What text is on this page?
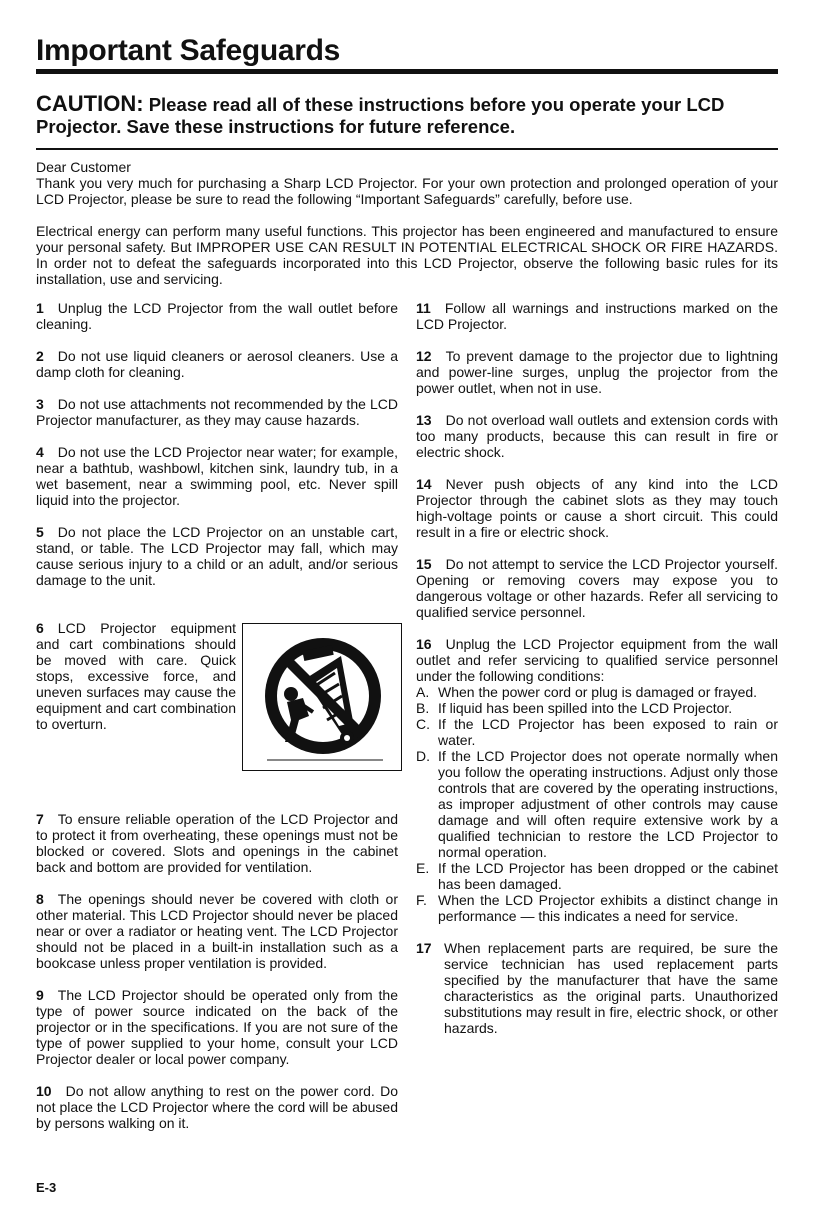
Important Safeguards
CAUTION: Please read all of these instructions before you operate your LCD Projector. Save these instructions for future reference.
Dear Customer
Thank you very much for purchasing a Sharp LCD Projector. For your own protection and prolonged operation of your LCD Projector, please be sure to read the following “Important Safeguards” carefully, before use.
Electrical energy can perform many useful functions. This projector has been engineered and manufactured to ensure your personal safety. But IMPROPER USE CAN RESULT IN POTENTIAL ELECTRICAL SHOCK OR FIRE HAZARDS. In order not to defeat the safeguards incorporated into this LCD Projector, observe the following basic rules for its installation, use and servicing.

1 Unplug the LCD Projector from the wall outlet before cleaning.

2 Do not use liquid cleaners or aerosol cleaners. Use a damp cloth for cleaning.

3 Do not use attachments not recommended by the LCD Projector manufacturer, as they may cause hazards.

4 Do not use the LCD Projector near water; for example, near a bathtub, washbowl, kitchen sink, laundry tub, in a wet basement, near a swimming pool, etc. Never spill liquid into the projector.

5 Do not place the LCD Projector on an unstable cart, stand, or table. The LCD Projector may fall, which may cause serious injury to a child or an adult, and/or serious damage to the unit.

6 LCD Projector equipment and cart combinations should be moved with care. Quick stops, excessive force, and uneven surfaces may cause the equipment and cart combination to overturn.

7 To ensure reliable operation of the LCD Projector and to protect it from overheating, these openings must not be blocked or covered. Slots and openings in the cabinet back and bottom are provided for ventilation.

8 The openings should never be covered with cloth or other material. This LCD Projector should never be placed near or over a radiator or heating vent. The LCD Projector should not be placed in a built-in installation such as a bookcase unless proper ventilation is provided.

9 The LCD Projector should be operated only from the type of power source indicated on the back of the projector or in the specifications. If you are not sure of the type of power supplied to your home, consult your LCD Projector dealer or local power company.

10 Do not allow anything to rest on the power cord. Do not place the LCD Projector where the cord will be abused by persons walking on it.

11 Follow all warnings and instructions marked on the LCD Projector.

12 To prevent damage to the projector due to lightning and power-line surges, unplug the projector from the power outlet, when not in use.

13 Do not overload wall outlets and extension cords with too many products, because this can result in fire or electric shock.

14 Never push objects of any kind into the LCD Projector through the cabinet slots as they may touch high-voltage points or cause a short circuit. This could result in a fire or electric shock.

15 Do not attempt to service the LCD Projector yourself. Opening or removing covers may expose you to dangerous voltage or other hazards. Refer all servicing to qualified service personnel.

16 Unplug the LCD Projector equipment from the wall outlet and refer servicing to qualified service personnel under the following conditions:

A. When the power cord or plug is damaged or frayed.
B. If liquid has been spilled into the LCD Projector.
C. If the LCD Projector has been exposed to rain or water.
D. If the LCD Projector does not operate normally when you follow the operating instructions. Adjust only those controls that are covered by the operating instructions, as improper adjustment of other controls may cause damage and will often require extensive work by a qualified technician to restore the LCD Projector to normal operation.
E. If the LCD Projector has been dropped or the cabinet has been damaged.
F. When the LCD Projector exhibits a distinct change in performance — this indicates a need for service.
17 When replacement parts are required, be sure the service technician has used replacement parts specified by the manufacturer that have the same characteristics as the original parts. Unauthorized substitutions may result in fire, electric shock, or other hazards.
E-3
